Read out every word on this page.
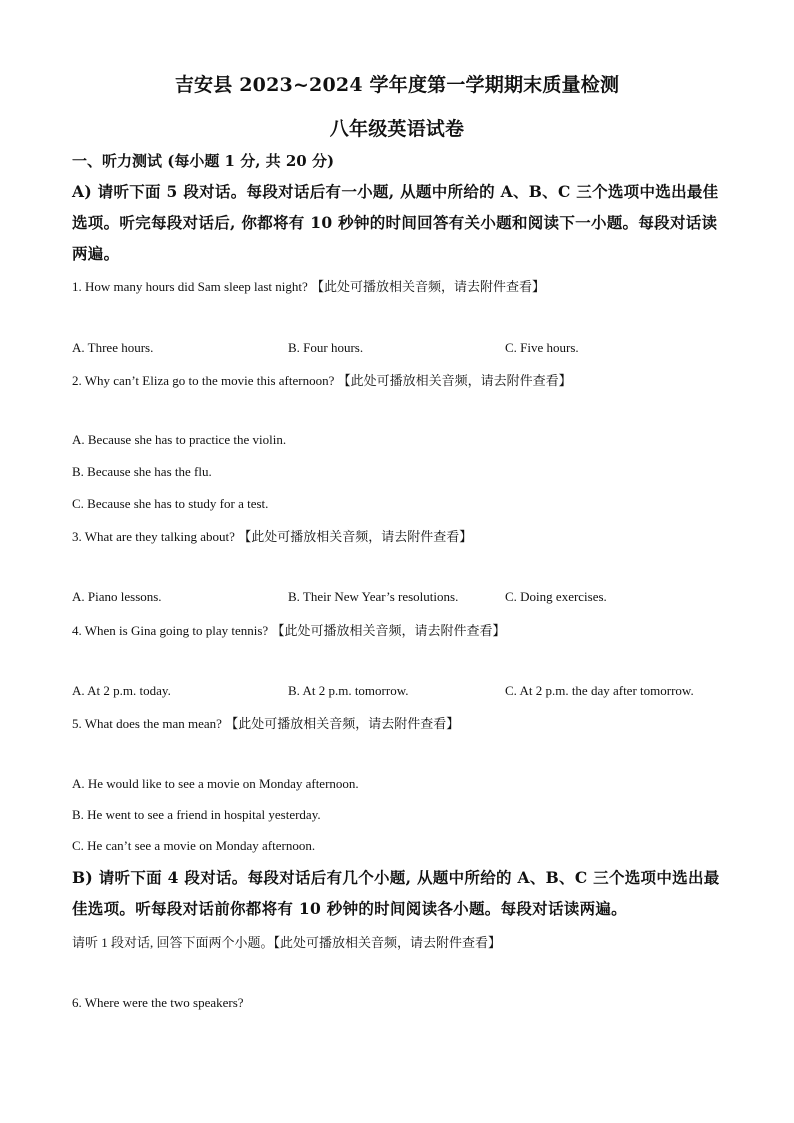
吉安县 2023~2024 学年度第一学期期末质量检测
八年级英语试卷
一、听力测试 (每小题 1 分, 共 20 分)
A) 请听下面 5 段对话。每段对话后有一小题, 从题中所给的 A、B、C 三个选项中选出最佳选项。听完每段对话后, 你都将有 10 秒钟的时间回答有关小题和阅读下一小题。每段对话读两遍。
1. How many hours did Sam sleep last night? 【此处可播放相关音频，请去附件查看】
A. Three hours.	B. Four hours.	C. Five hours.
2. Why can’t Eliza go to the movie this afternoon? 【此处可播放相关音频，请去附件查看】
A. Because she has to practice the violin.
B. Because she has the flu.
C. Because she has to study for a test.
3. What are they talking about? 【此处可播放相关音频，请去附件查看】
A. Piano lessons.	B. Their New Year’s resolutions.	C. Doing exercises.
4. When is Gina going to play tennis? 【此处可播放相关音频，请去附件查看】
A. At 2 p.m. today.	B. At 2 p.m. tomorrow.	C. At 2 p.m. the day after tomorrow.
5. What does the man mean? 【此处可播放相关音频，请去附件查看】
A. He would like to see a movie on Monday afternoon.
B. He went to see a friend in hospital yesterday.
C. He can’t see a movie on Monday afternoon.
B) 请听下面 4 段对话。每段对话后有几个小题, 从题中所给的 A、B、C 三个选项中选出最佳选项。听每段对话前你都将有 10 秒钟的时间阅读各小题。每段对话读两遍。
请听 1 段对话, 回答下面两个小题。【此处可播放相关音频，请去附件查看】
6. Where were the two speakers?
